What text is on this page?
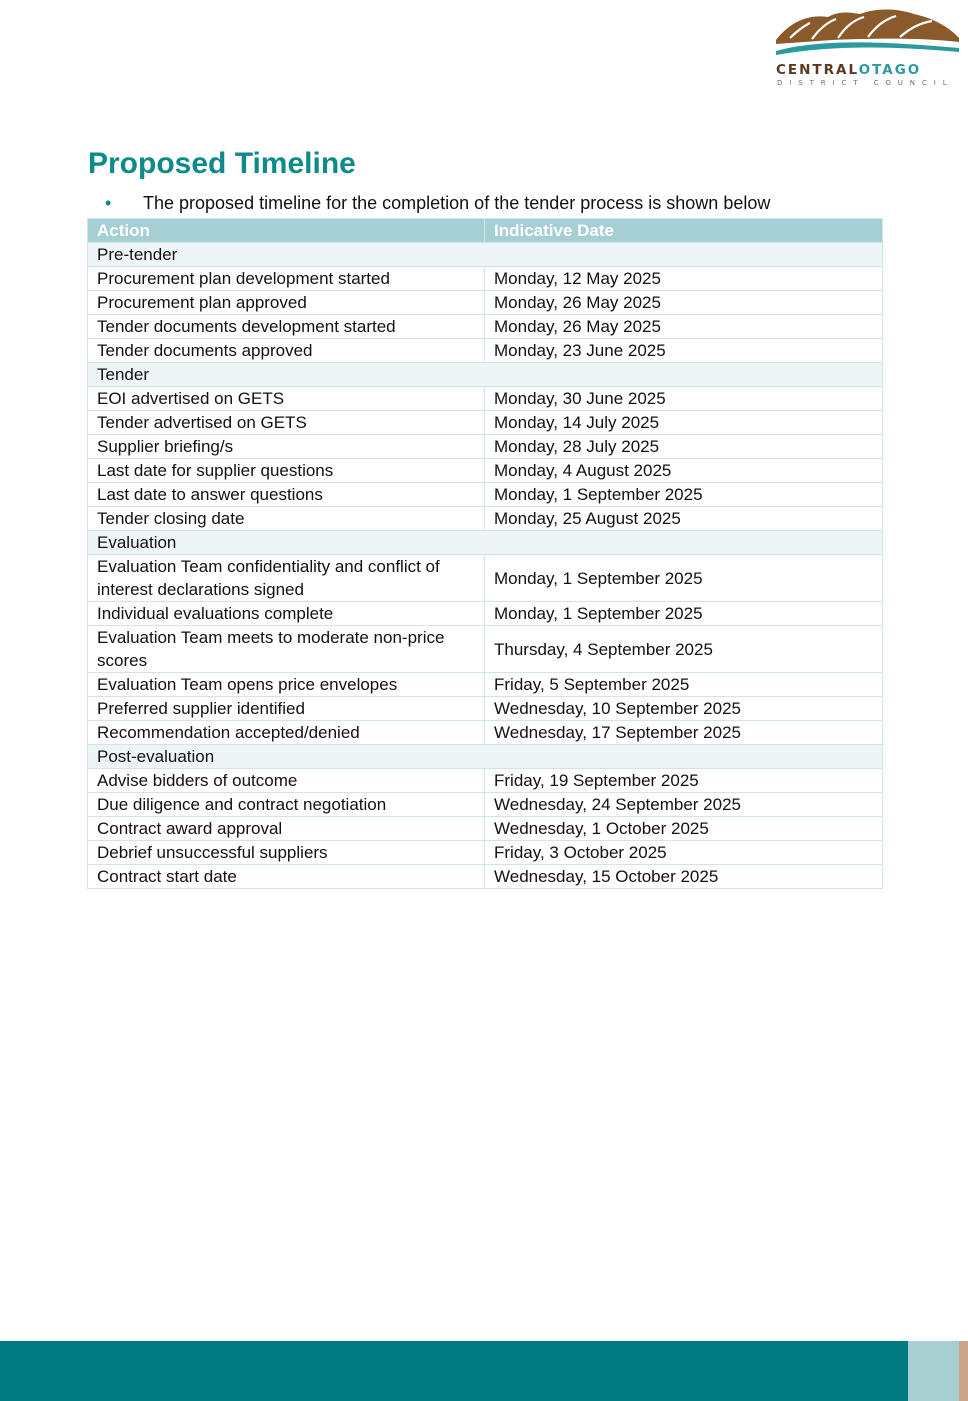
CENTRALOTAGO
DISTRICT COUNCIL
Proposed Timeline
• The proposed timeline for the completion of the tender process is shown below
Action	Indicative Date
Pre-tender	
Procurement plan development started	Monday, 12 May 2025
Procurement plan approved	Monday, 26 May 2025
Tender documents development started	Monday, 26 May 2025
Tender documents approved	Monday, 23 June 2025
Tender	
EOI advertised on GETS	Monday, 30 June 2025
Tender advertised on GETS	Monday, 14 July 2025
Supplier briefing/s	Monday, 28 July 2025
Last date for supplier questions	Monday, 4 August 2025
Last date to answer questions	Monday, 1 September 2025
Tender closing date	Monday, 25 August 2025
Evaluation	
Evaluation Team confidentiality and conflict of interest declarations signed	Monday, 1 September 2025
Individual evaluations complete	Monday, 1 September 2025
Evaluation Team meets to moderate non-price scores	Thursday, 4 September 2025
Evaluation Team opens price envelopes	Friday, 5 September 2025
Preferred supplier identified	Wednesday, 10 September 2025
Recommendation accepted/denied	Wednesday, 17 September 2025
Post-evaluation	
Advise bidders of outcome	Friday, 19 September 2025
Due diligence and contract negotiation	Wednesday, 24 September 2025
Contract award approval	Wednesday, 1 October 2025
Debrief unsuccessful suppliers	Friday, 3 October 2025
Contract start date	Wednesday, 15 October 2025
